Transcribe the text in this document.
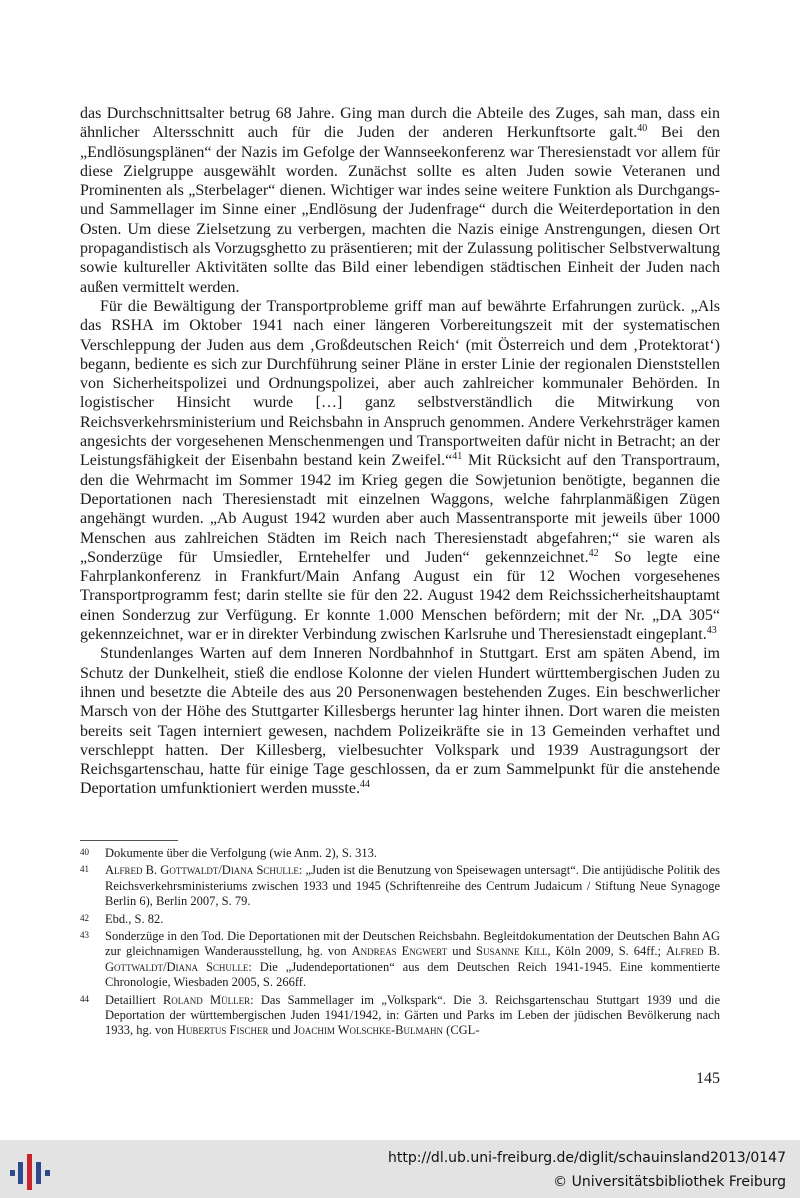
das Durchschnittsalter betrug 68 Jahre. Ging man durch die Abteile des Zuges, sah man, dass ein ähnlicher Altersschnitt auch für die Juden der anderen Herkunftsorte galt.$^{40}$ Bei den „Endlösungsplänen“ der Nazis im Gefolge der Wannseekonferenz war Theresienstadt vor allem für diese Zielgruppe ausgewählt worden. Zunächst sollte es alten Juden sowie Veteranen und Prominenten als „Sterbelager“ dienen. Wichtiger war indes seine weitere Funktion als Durchgangs- und Sammellager im Sinne einer „Endlösung der Judenfrage“ durch die Weiterdeportation in den Osten. Um diese Zielsetzung zu verbergen, machten die Nazis einige Anstrengungen, diesen Ort propagandistisch als Vorzugsghetto zu präsentieren; mit der Zulassung politischer Selbstverwaltung sowie kultureller Aktivitäten sollte das Bild einer lebendigen städtischen Einheit der Juden nach außen vermittelt werden.

Für die Bewältigung der Transportprobleme griff man auf bewährte Erfahrungen zurück. „Als das RSHA im Oktober 1941 nach einer längeren Vorbereitungszeit mit der systematischen Verschleppung der Juden aus dem ‚Großdeutschen Reich‘ (mit Österreich und dem ‚Protektorat‘) begann, bediente es sich zur Durchführung seiner Pläne in erster Linie der regionalen Dienststellen von Sicherheitspolizei und Ordnungspolizei, aber auch zahlreicher kommunaler Behörden. In logistischer Hinsicht wurde […] ganz selbstverständlich die Mitwirkung von Reichsverkehrsministerium und Reichsbahn in Anspruch genommen. Andere Verkehrsträger kamen angesichts der vorgesehenen Menschenmengen und Transportweiten dafür nicht in Betracht; an der Leistungsfähigkeit der Eisenbahn bestand kein Zweifel.“$^{41}$ Mit Rücksicht auf den Transportraum, den die Wehrmacht im Sommer 1942 im Krieg gegen die Sowjetunion benötigte, begannen die Deportationen nach Theresienstadt mit einzelnen Waggons, welche fahrplanmäßigen Zügen angehängt wurden. „Ab August 1942 wurden aber auch Massentransporte mit jeweils über 1000 Menschen aus zahlreichen Städten im Reich nach Theresienstadt abgefahren;“ sie waren als „Sonderzüge für Umsiedler, Erntehelfer und Juden“ gekennzeichnet.$^{42}$ So legte eine Fahrplankonferenz in Frankfurt/Main Anfang August ein für 12 Wochen vorgesehenes Transportprogramm fest; darin stellte sie für den 22. August 1942 dem Reichssicherheitshauptamt einen Sonderzug zur Verfügung. Er konnte 1.000 Menschen befördern; mit der Nr. „DA 305“ gekennzeichnet, war er in direkter Verbindung zwischen Karlsruhe und Theresienstadt eingeplant.$^{43}$

Stundenlanges Warten auf dem Inneren Nordbahnhof in Stuttgart. Erst am späten Abend, im Schutz der Dunkelheit, stieß die endlose Kolonne der vielen Hundert württembergischen Juden zu ihnen und besetzte die Abteile des aus 20 Personenwagen bestehenden Zuges. Ein beschwerlicher Marsch von der Höhe des Stuttgarter Killesbergs herunter lag hinter ihnen. Dort waren die meisten bereits seit Tagen interniert gewesen, nachdem Polizeikräfte sie in 13 Gemeinden verhaftet und verschleppt hatten. Der Killesberg, vielbesuchter Volkspark und 1939 Austragungsort der Reichsgartenschau, hatte für einige Tage geschlossen, da er zum Sammelpunkt für die anstehende Deportation umfunktioniert werden musste.$^{44}$

40	Dokumente über die Verfolgung (wie Anm. 2), S. 313.
41	Alfred B. Gottwaldt/Diana Schulle: „Juden ist die Benutzung von Speisewagen untersagt“. Die antijüdische Politik des Reichsverkehrsministeriums zwischen 1933 und 1945 (Schriftenreihe des Centrum Judaicum / Stiftung Neue Synagoge Berlin 6), Berlin 2007, S. 79.
42	Ebd., S. 82.
43	Sonderzüge in den Tod. Die Deportationen mit der Deutschen Reichsbahn. Begleitdokumentation der Deutschen Bahn AG zur gleichnamigen Wanderausstellung, hg. von Andreas Engwert und Susanne Kill, Köln 2009, S. 64ff.; Alfred B. Gottwaldt/Diana Schulle: Die „Judendeportationen“ aus dem Deutschen Reich 1941-1945. Eine kommentierte Chronologie, Wiesbaden 2005, S. 266ff.
44	Detailliert Roland Müller: Das Sammellager im „Volkspark“. Die 3. Reichsgartenschau Stuttgart 1939 und die Deportation der württembergischen Juden 1941/1942, in: Gärten und Parks im Leben der jüdischen Bevölkerung nach 1933, hg. von Hubertus Fischer und Joachim Wolschke-Bulmahn (CGL-
145
http://dl.ub.uni-freiburg.de/diglit/schauinsland2013/0147
© Universitätsbibliothek Freiburg
